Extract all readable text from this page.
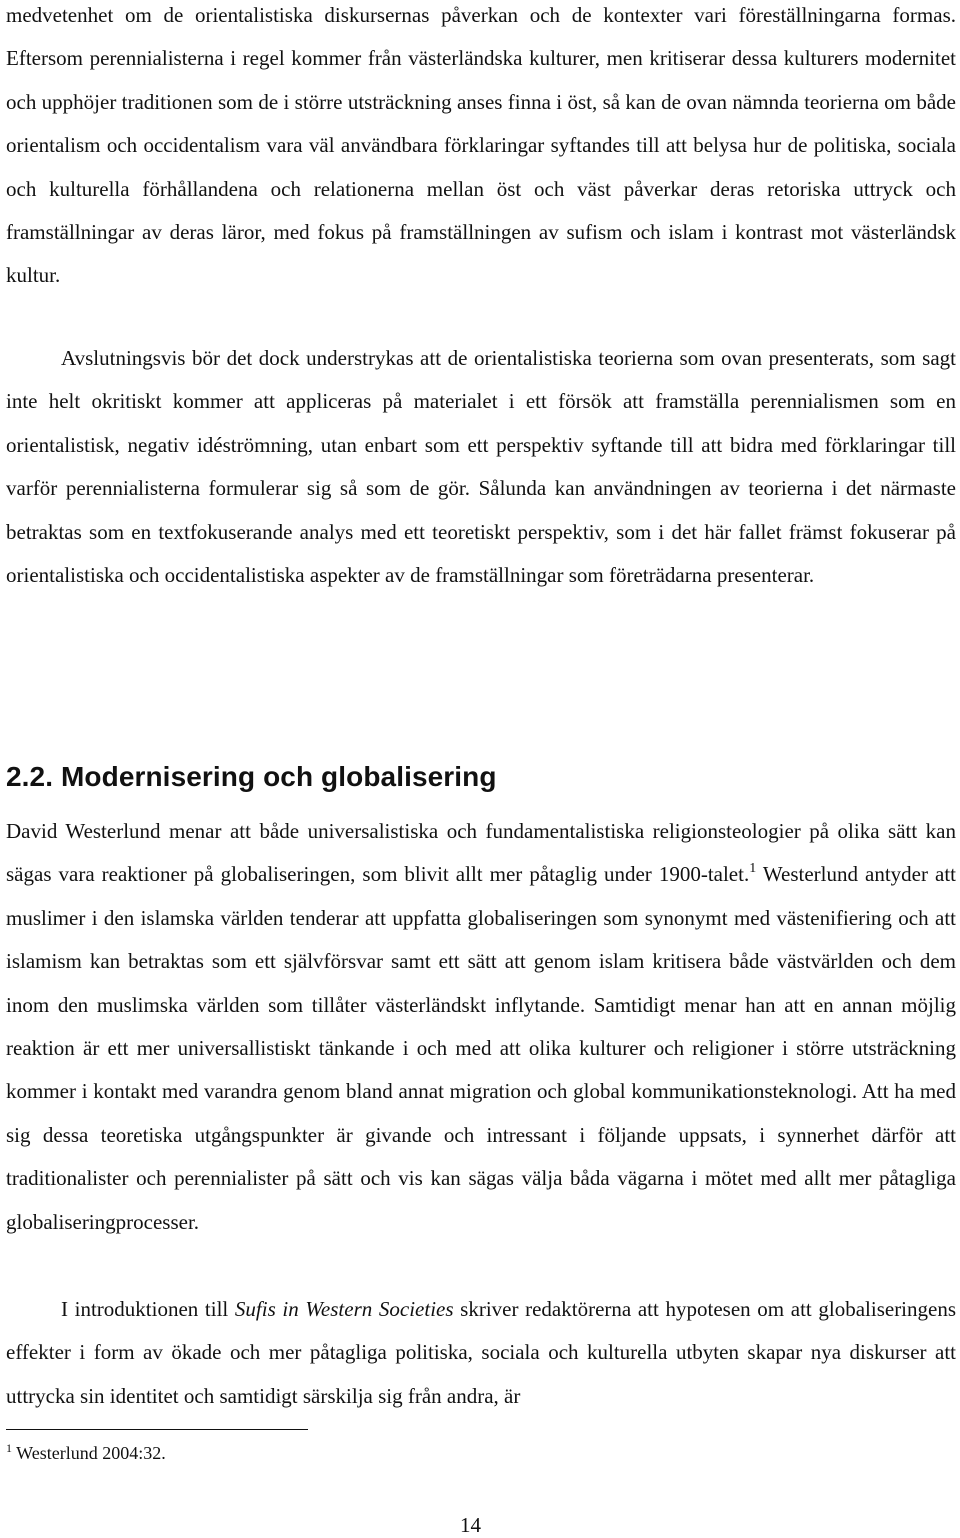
medvetenhet om de orientalistiska diskursernas påverkan och de kontexter vari föreställningarna formas. Eftersom perennialisterna i regel kommer från västerländska kulturer, men kritiserar dessa kulturers modernitet och upphöjer traditionen som de i större utsträckning anses finna i öst, så kan de ovan nämnda teorierna om både orientalism och occidentalism vara väl användbara förklaringar syftandes till att belysa hur de politiska, sociala och kulturella förhållandena och relationerna mellan öst och väst påverkar deras retoriska uttryck och framställningar av deras läror, med fokus på framställningen av sufism och islam i kontrast mot västerländsk kultur.

Avslutningsvis bör det dock understrykas att de orientalistiska teorierna som ovan presenterats, som sagt inte helt okritiskt kommer att appliceras på materialet i ett försök att framställa perennialismen som en orientalistisk, negativ idéströmning, utan enbart som ett perspektiv syftande till att bidra med förklaringar till varför perennialisterna formulerar sig så som de gör. Sålunda kan användningen av teorierna i det närmaste betraktas som en textfokuserande analys med ett teoretiskt perspektiv, som i det här fallet främst fokuserar på orientalistiska och occidentalistiska aspekter av de framställningar som företrädarna presenterar.

2.2. Modernisering och globalisering

David Westerlund menar att både universalistiska och fundamentalistiska religionsteologier på olika sätt kan sägas vara reaktioner på globaliseringen, som blivit allt mer påtaglig under 1900-talet.$^1$ Westerlund antyder att muslimer i den islamska världen tenderar att uppfatta globaliseringen som synonymt med västenifiering och att islamism kan betraktas som ett självförsvar samt ett sätt att genom islam kritisera både västvärlden och dem inom den muslimska världen som tillåter västerländskt inflytande. Samtidigt menar han att en annan möjlig reaktion är ett mer universallistiskt tänkande i och med att olika kulturer och religioner i större utsträckning kommer i kontakt med varandra genom bland annat migration och global kommunikationsteknologi. Att ha med sig dessa teoretiska utgångspunkter är givande och intressant i följande uppsats, i synnerhet därför att traditionalister och perennialister på sätt och vis kan sägas välja båda vägarna i mötet med allt mer påtagliga globaliseringprocesser.

I introduktionen till Sufis in Western Societies skriver redaktörerna att hypotesen om att globaliseringens effekter i form av ökade och mer påtagliga politiska, sociala och kulturella utbyten skapar nya diskurser att uttrycka sin identitet och samtidigt särskilja sig från andra, är

$^1$ Westerlund 2004:32.

14
